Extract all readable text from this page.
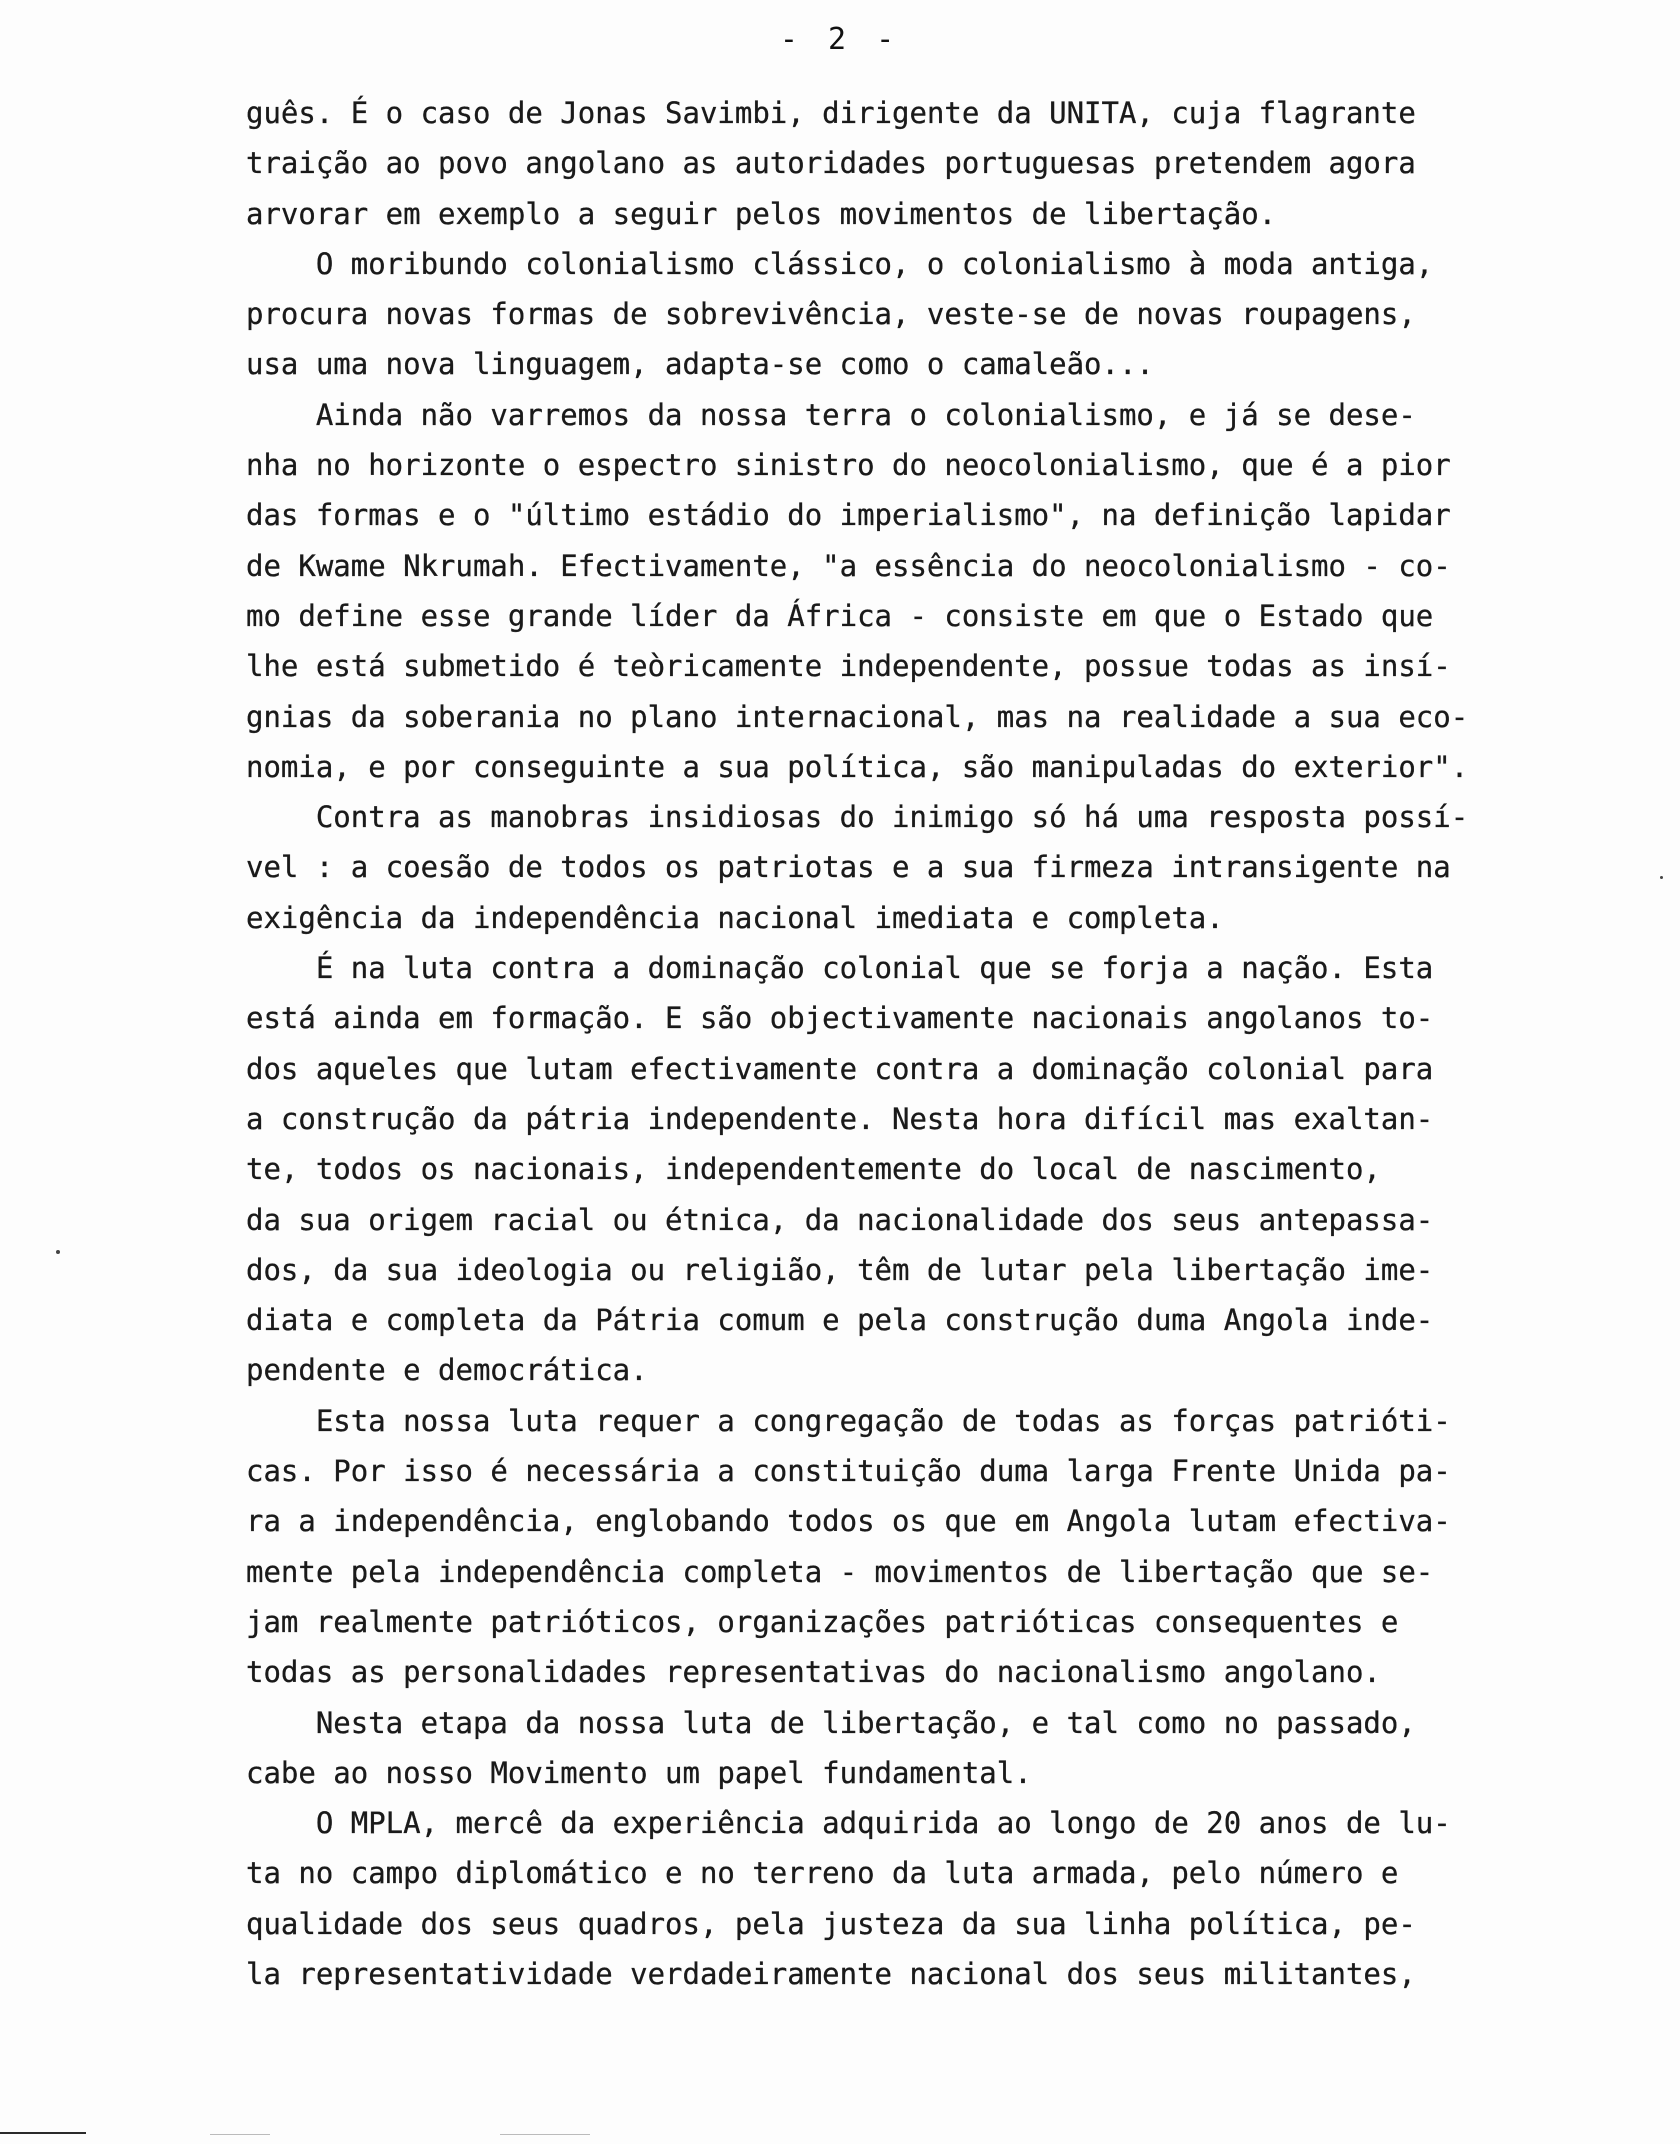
- 2 -
guês. É o caso de Jonas Savimbi, dirigente da UNITA, cuja flagrante
traição ao povo angolano as autoridades portuguesas pretendem agora
arvorar em exemplo a seguir pelos movimentos de libertação.
O moribundo colonialismo clássico, o colonialismo à moda antiga,
procura novas formas de sobrevivência, veste-se de novas roupagens,
usa uma nova linguagem, adapta-se como o camaleão...
Ainda não varremos da nossa terra o colonialismo, e já se dese-
nha no horizonte o espectro sinistro do neocolonialismo, que é a pior
das formas e o "último estádio do imperialismo", na definição lapidar
de Kwame Nkrumah. Efectivamente, "a essência do neocolonialismo - co-
mo define esse grande líder da África - consiste em que o Estado que
lhe está submetido é teòricamente independente, possue todas as insí-
gnias da soberania no plano internacional, mas na realidade a sua eco-
nomia, e por conseguinte a sua política, são manipuladas do exterior".
Contra as manobras insidiosas do inimigo só há uma resposta possí-
vel : a coesão de todos os patriotas e a sua firmeza intransigente na
exigência da independência nacional imediata e completa.
É na luta contra a dominação colonial que se forja a nação. Esta
está ainda em formação. E são objectivamente nacionais angolanos to-
dos aqueles que lutam efectivamente contra a dominação colonial para
a construção da pátria independente. Nesta hora difícil mas exaltan-
te, todos os nacionais, independentemente do local de nascimento,
da sua origem racial ou étnica, da nacionalidade dos seus antepassa-
dos, da sua ideologia ou religião, têm de lutar pela libertação ime-
diata e completa da Pátria comum e pela construção duma Angola inde-
pendente e democrática.
Esta nossa luta requer a congregação de todas as forças patrióti-
cas. Por isso é necessária a constituição duma larga Frente Unida pa-
ra a independência, englobando todos os que em Angola lutam efectiva-
mente pela independência completa - movimentos de libertação que se-
jam realmente patrióticos, organizações patrióticas consequentes e
todas as personalidades representativas do nacionalismo angolano.
Nesta etapa da nossa luta de libertação, e tal como no passado,
cabe ao nosso Movimento um papel fundamental.
O MPLA, mercê da experiência adquirida ao longo de 20 anos de lu-
ta no campo diplomático e no terreno da luta armada, pelo número e
qualidade dos seus quadros, pela justeza da sua linha política, pe-
la representatividade verdadeiramente nacional dos seus militantes,
